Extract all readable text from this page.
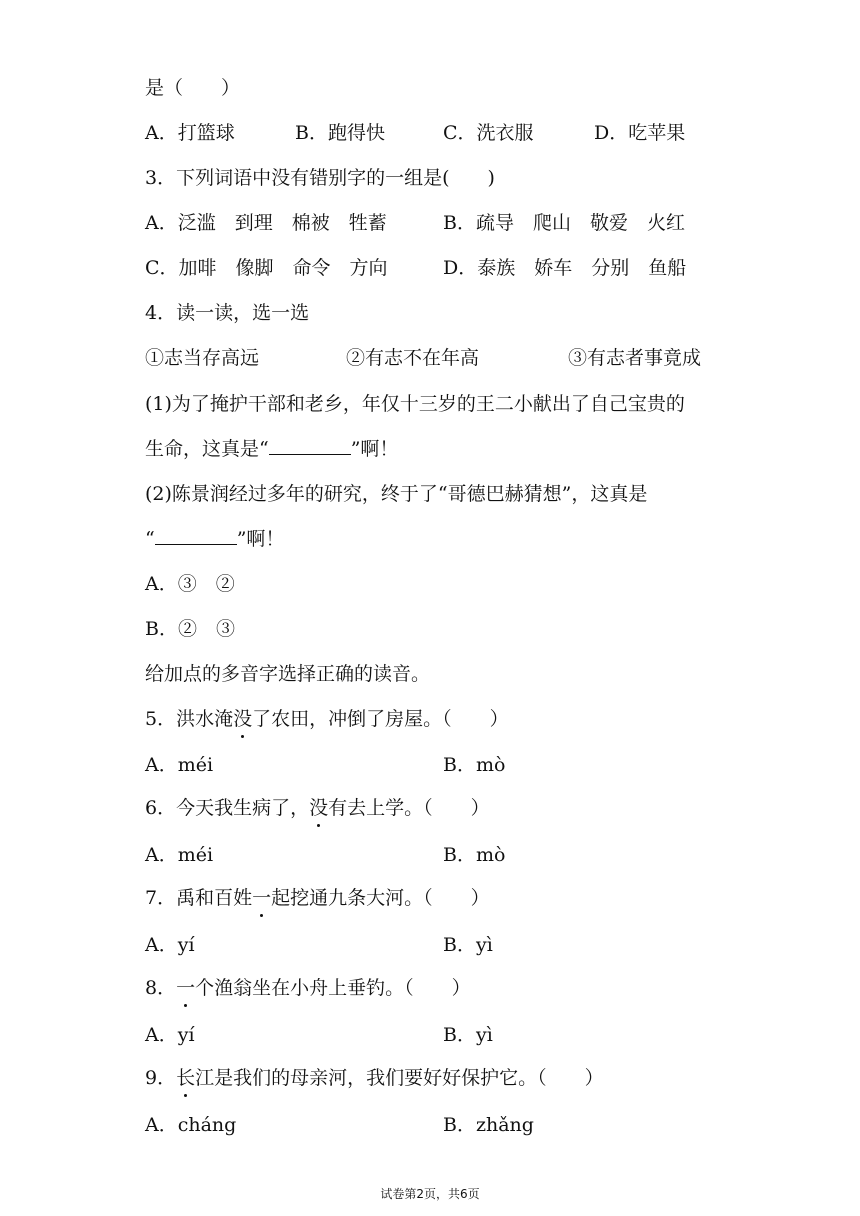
是（　　）
A．打篮球	B．跑得快	C．洗衣服	D．吃苹果
3．下列词语中没有错别字的一组是(　　)
A．泛滥　到理　棉被　牲蓄	B．疏导　爬山　敬爱　火红
C．加啡　像脚　命令　方向	D．泰族　娇车　分别　鱼船
4．读一读，选一选
①志当存高远	②有志不在年高	③有志者事竟成
(1)为了掩护干部和老乡，年仅十三岁的王二小献出了自己宝贵的
生命，这真是“	”啊！
(2)陈景润经过多年的研究，终于了“哥德巴赫猜想”，这真是
“	”啊！
A．③　②
B．②　③
给加点的多音字选择正确的读音。
5．洪水淹没了农田，冲倒了房屋。（　　）
A．méi	B．mò
6．今天我生病了，没有去上学。（　　）
A．méi	B．mò
7．禹和百姓一起挖通九条大河。（　　）
A．yí	B．yì
8．一个渔翁坐在小舟上垂钓。（　　）
A．yí	B．yì
9．长江是我们的母亲河，我们要好好保护它。（　　）
A．cháng	B．zhǎng
试卷第2页，共6页
